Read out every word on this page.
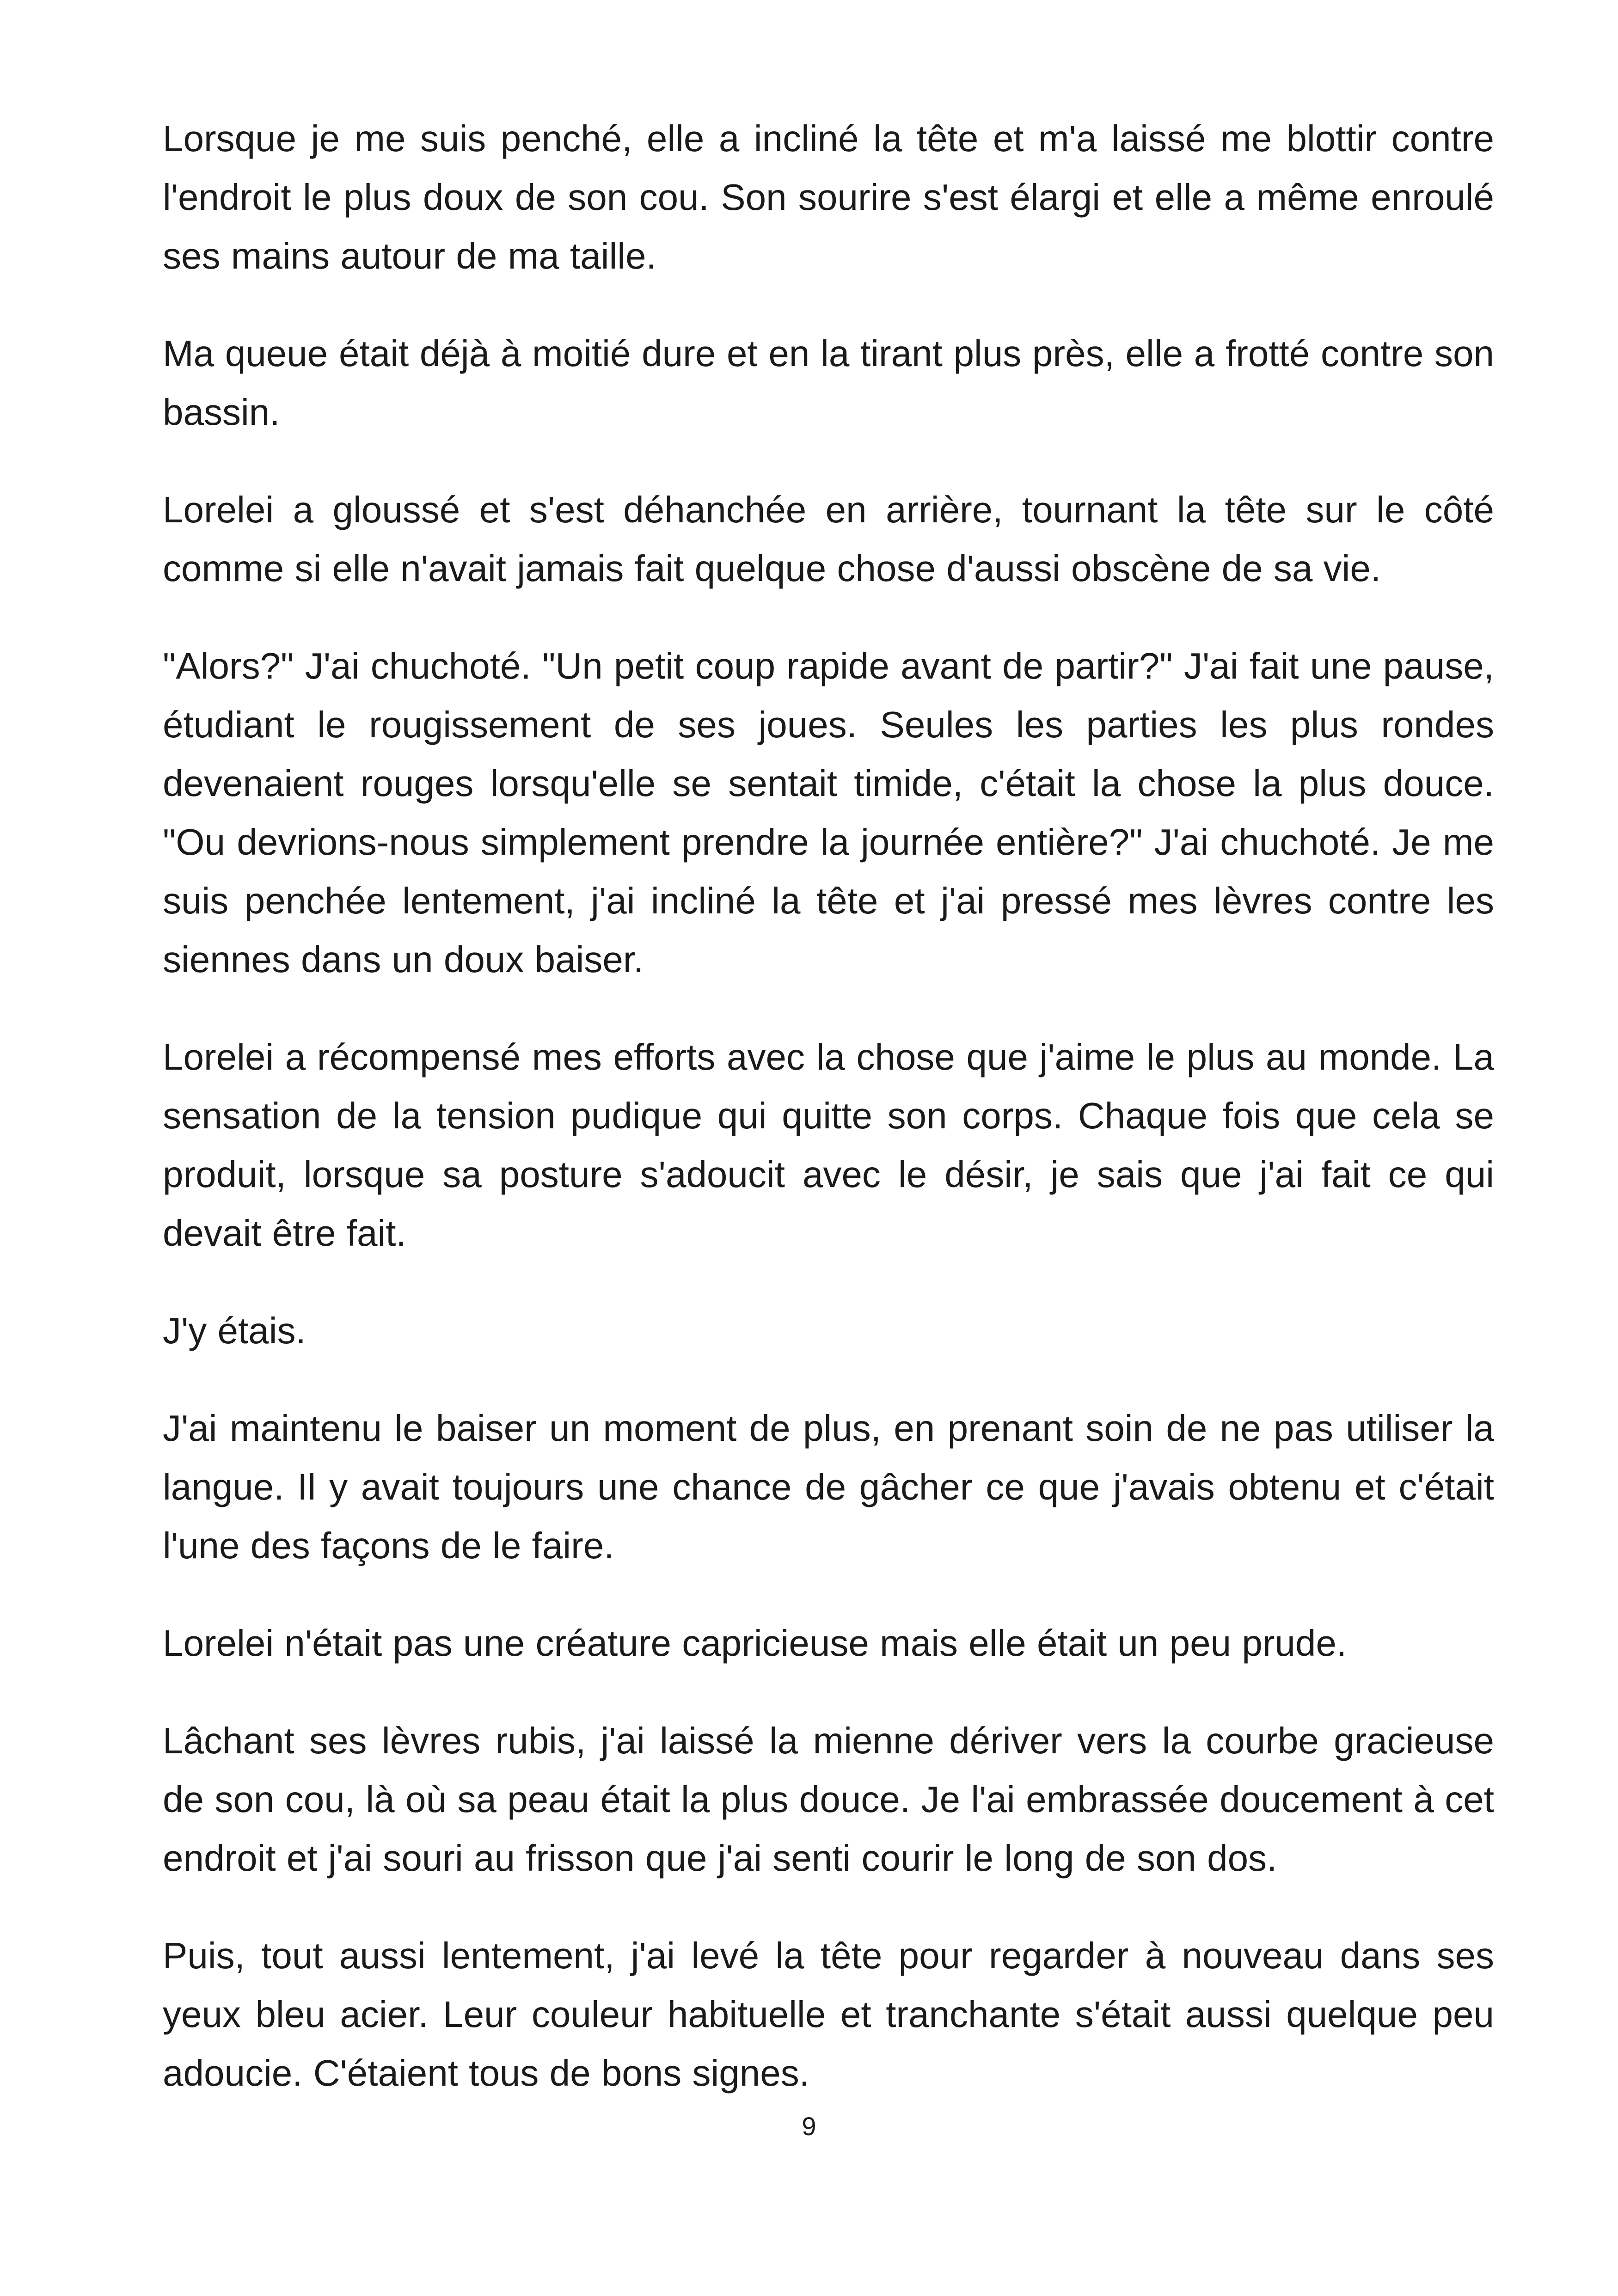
Lorsque je me suis penché, elle a incliné la tête et m'a laissé me blottir contre l'endroit le plus doux de son cou. Son sourire s'est élargi et elle a même enroulé ses mains autour de ma taille.

Ma queue était déjà à moitié dure et en la tirant plus près, elle a frotté contre son bassin.

Lorelei a gloussé et s'est déhanchée en arrière, tournant la tête sur le côté comme si elle n'avait jamais fait quelque chose d'aussi obscène de sa vie.

"Alors?" J'ai chuchoté. "Un petit coup rapide avant de partir?" J'ai fait une pause, étudiant le rougissement de ses joues. Seules les parties les plus rondes devenaient rouges lorsqu'elle se sentait timide, c'était la chose la plus douce. "Ou devrions-nous simplement prendre la journée entière?" J'ai chuchoté. Je me suis penchée lentement, j'ai incliné la tête et j'ai pressé mes lèvres contre les siennes dans un doux baiser.

Lorelei a récompensé mes efforts avec la chose que j'aime le plus au monde. La sensation de la tension pudique qui quitte son corps. Chaque fois que cela se produit, lorsque sa posture s'adoucit avec le désir, je sais que j'ai fait ce qui devait être fait.

J'y étais.

J'ai maintenu le baiser un moment de plus, en prenant soin de ne pas utiliser la langue. Il y avait toujours une chance de gâcher ce que j'avais obtenu et c'était l'une des façons de le faire.

Lorelei n'était pas une créature capricieuse mais elle était un peu prude.

Lâchant ses lèvres rubis, j'ai laissé la mienne dériver vers la courbe gracieuse de son cou, là où sa peau était la plus douce. Je l'ai embrassée doucement à cet endroit et j'ai souri au frisson que j'ai senti courir le long de son dos.

Puis, tout aussi lentement, j'ai levé la tête pour regarder à nouveau dans ses yeux bleu acier. Leur couleur habituelle et tranchante s'était aussi quelque peu adoucie. C'étaient tous de bons signes.

9
